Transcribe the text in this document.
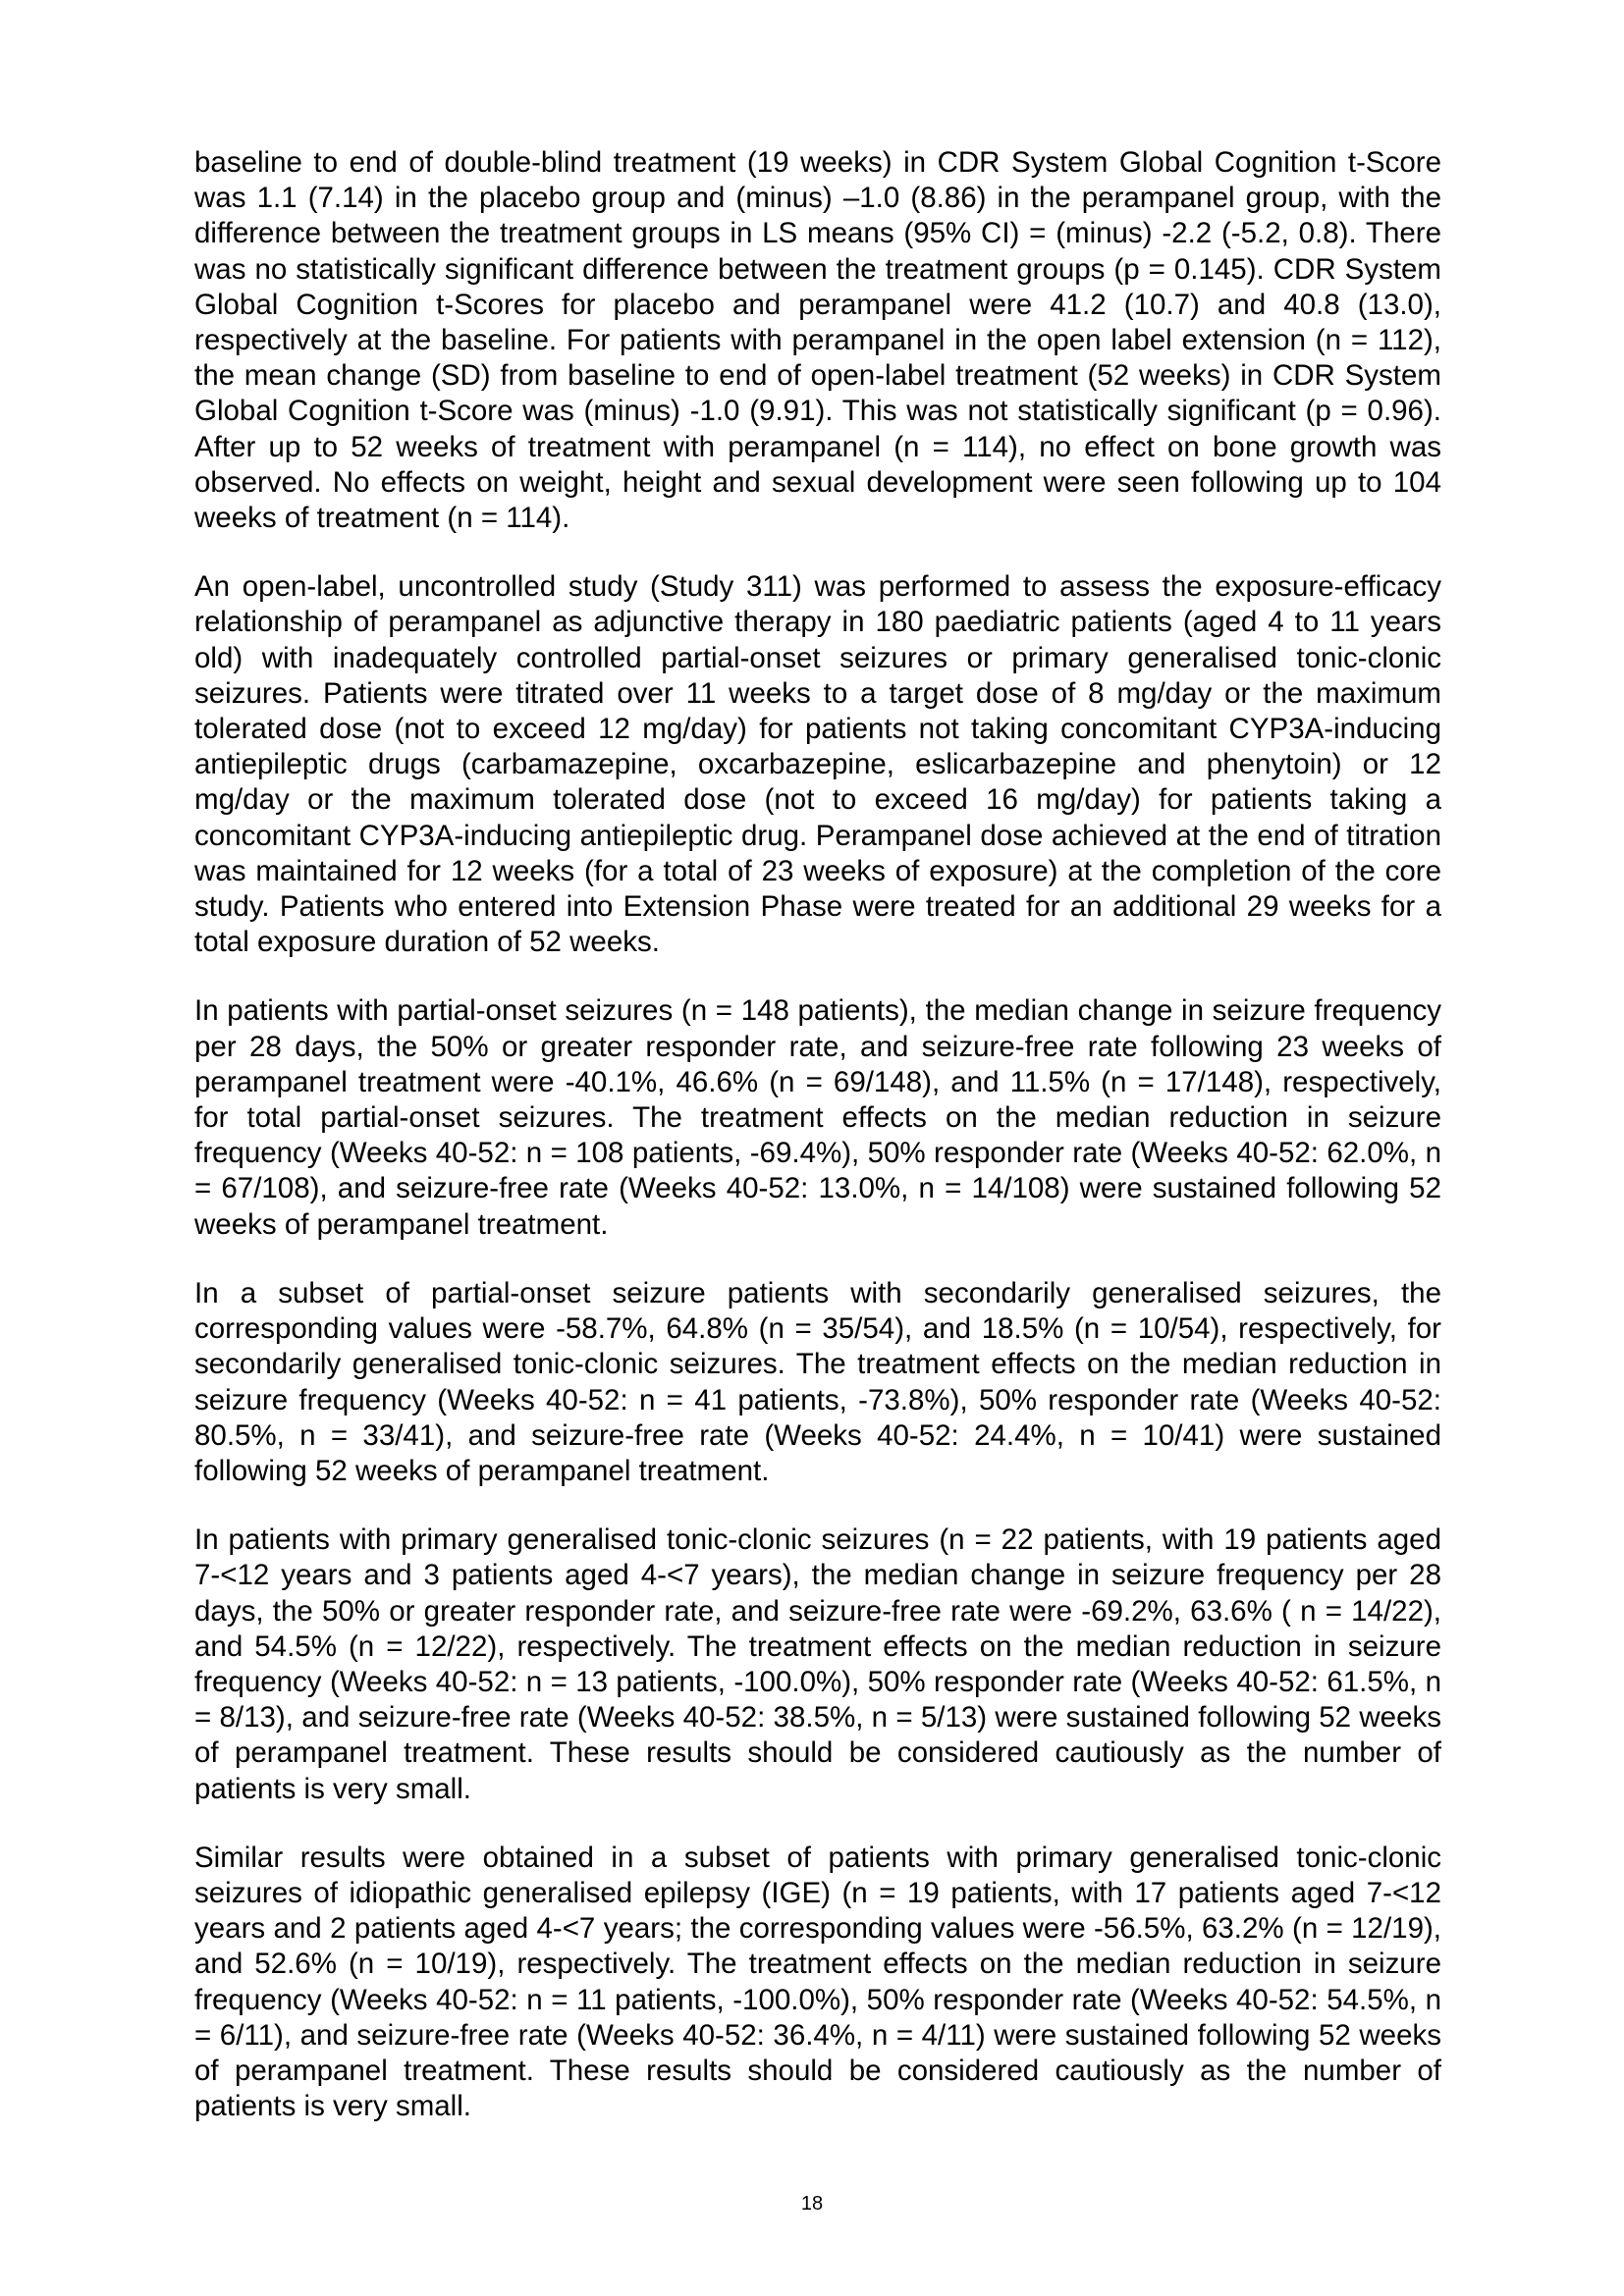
baseline to end of double-blind treatment (19 weeks) in CDR System Global Cognition t-Score was 1.1 (7.14) in the placebo group and (minus) –1.0 (8.86) in the perampanel group, with the difference between the treatment groups in LS means (95% CI) = (minus) -2.2 (-5.2, 0.8). There was no statistically significant difference between the treatment groups (p = 0.145). CDR System Global Cognition t-Scores for placebo and perampanel were 41.2 (10.7) and 40.8 (13.0), respectively at the baseline. For patients with perampanel in the open label extension (n = 112), the mean change (SD) from baseline to end of open-label treatment (52 weeks) in CDR System Global Cognition t-Score was (minus) -1.0 (9.91). This was not statistically significant (p = 0.96). After up to 52 weeks of treatment with perampanel (n = 114), no effect on bone growth was observed. No effects on weight, height and sexual development were seen following up to 104 weeks of treatment (n = 114).

An open-label, uncontrolled study (Study 311) was performed to assess the exposure-efficacy relationship of perampanel as adjunctive therapy in 180 paediatric patients (aged 4 to 11 years old) with inadequately controlled partial-onset seizures or primary generalised tonic-clonic seizures. Patients were titrated over 11 weeks to a target dose of 8 mg/day or the maximum tolerated dose (not to exceed 12 mg/day) for patients not taking concomitant CYP3A-inducing antiepileptic drugs (carbamazepine, oxcarbazepine, eslicarbazepine and phenytoin) or 12 mg/day or the maximum tolerated dose (not to exceed 16 mg/day) for patients taking a concomitant CYP3A-inducing antiepileptic drug. Perampanel dose achieved at the end of titration was maintained for 12 weeks (for a total of 23 weeks of exposure) at the completion of the core study. Patients who entered into Extension Phase were treated for an additional 29 weeks for a total exposure duration of 52 weeks.

In patients with partial-onset seizures (n = 148 patients), the median change in seizure frequency per 28 days, the 50% or greater responder rate, and seizure-free rate following 23 weeks of perampanel treatment were -40.1%, 46.6% (n = 69/148), and 11.5% (n = 17/148), respectively, for total partial-onset seizures. The treatment effects on the median reduction in seizure frequency (Weeks 40-52: n = 108 patients, -69.4%), 50% responder rate (Weeks 40-52: 62.0%, n = 67/108), and seizure-free rate (Weeks 40-52: 13.0%, n = 14/108) were sustained following 52 weeks of perampanel treatment.

In a subset of partial-onset seizure patients with secondarily generalised seizures, the corresponding values were -58.7%, 64.8% (n = 35/54), and 18.5% (n = 10/54), respectively, for secondarily generalised tonic-clonic seizures. The treatment effects on the median reduction in seizure frequency (Weeks 40-52: n = 41 patients, -73.8%), 50% responder rate (Weeks 40-52: 80.5%, n = 33/41), and seizure-free rate (Weeks 40-52: 24.4%, n = 10/41) were sustained following 52 weeks of perampanel treatment.

In patients with primary generalised tonic-clonic seizures (n = 22 patients, with 19 patients aged 7-<12 years and 3 patients aged 4-<7 years), the median change in seizure frequency per 28 days, the 50% or greater responder rate, and seizure-free rate were -69.2%, 63.6% ( n = 14/22), and 54.5% (n = 12/22), respectively. The treatment effects on the median reduction in seizure frequency (Weeks 40-52: n = 13 patients, -100.0%), 50% responder rate (Weeks 40-52: 61.5%, n = 8/13), and seizure-free rate (Weeks 40-52: 38.5%, n = 5/13) were sustained following 52 weeks of perampanel treatment. These results should be considered cautiously as the number of patients is very small.

Similar results were obtained in a subset of patients with primary generalised tonic-clonic seizures of idiopathic generalised epilepsy (IGE) (n = 19 patients, with 17 patients aged 7-<12 years and 2 patients aged 4-<7 years; the corresponding values were -56.5%, 63.2% (n = 12/19), and 52.6% (n = 10/19), respectively. The treatment effects on the median reduction in seizure frequency (Weeks 40-52: n = 11 patients, -100.0%), 50% responder rate (Weeks 40-52: 54.5%, n = 6/11), and seizure-free rate (Weeks 40-52: 36.4%, n = 4/11) were sustained following 52 weeks of perampanel treatment. These results should be considered cautiously as the number of patients is very small.

18
